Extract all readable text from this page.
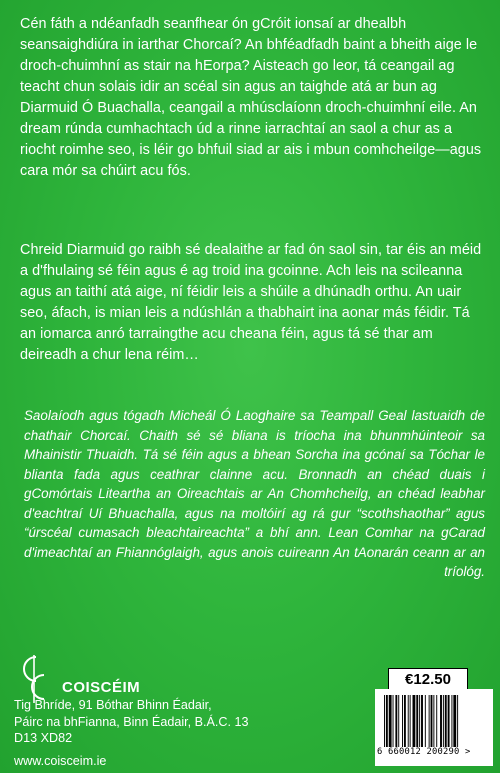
Cén fáth a ndéanfadh seanfhear ón gCróit ionsaí ar dhealbh seansaighdiúra in iarthar Chorcaí? An bhféadfadh baint a bheith aige le droch-chuimhní as stair na hEorpa? Aisteach go leor, tá ceangail ag teacht chun solais idir an scéal sin agus an taighde atá ar bun ag Diarmuid Ó Buachalla, ceangail a mhúsclaíonn droch-chuimhní eile. An dream rúnda cumhachtach úd a rinne iarrachtaí an saol a chur as a riocht roimhe seo, is léir go bhfuil siad ar ais i mbun comhcheilge—agus cara mór sa chúirt acu fós.

Chreid Diarmuid go raibh sé dealaithe ar fad ón saol sin, tar éis an méid a d'fhulaing sé féin agus é ag troid ina gcoinne. Ach leis na scileanna agus an taithí atá aige, ní féidir leis a shúile a dhúnadh orthu. An uair seo, áfach, is mian leis a ndúshlán a thabhairt ina aonar más féidir. Tá an iomarca anró tarraingthe acu cheana féin, agus tá sé thar am deireadh a chur lena réim…

Saolaíodh agus tógadh Micheál Ó Laoghaire sa Teampall Geal lastuaidh de chathair Chorcaí. Chaith sé sé bliana is tríocha ina bhunmhúinteoir sa Mhainistir Thuaidh. Tá sé féin agus a bhean Sorcha ina gcónaí sa Tóchar le blianta fada agus ceathrar clainne acu. Bronnadh an chéad duais i gComórtais Liteartha an Oireachtais ar An Chomhcheilg, an chéad leabhar d'eachtraí Uí Bhuachalla, agus na moltóirí ag rá gur “scothshaothar” agus “úrscéal cumasach bleachtaireachta” a bhí ann. Lean Comhar na gCarad d'imeachtaí an Fhiannóglaigh, agus anois cuireann An tAonarán ceann ar an tríológ.

COISCÉIM
Tig Bhríde, 91 Bóthar Bhinn Éadair,
Páirc na bhFianna, Binn Éadair, B.Á.C. 13
D13 XD82
www.coisceim.ie
€12.50
6 660012 200290 >
